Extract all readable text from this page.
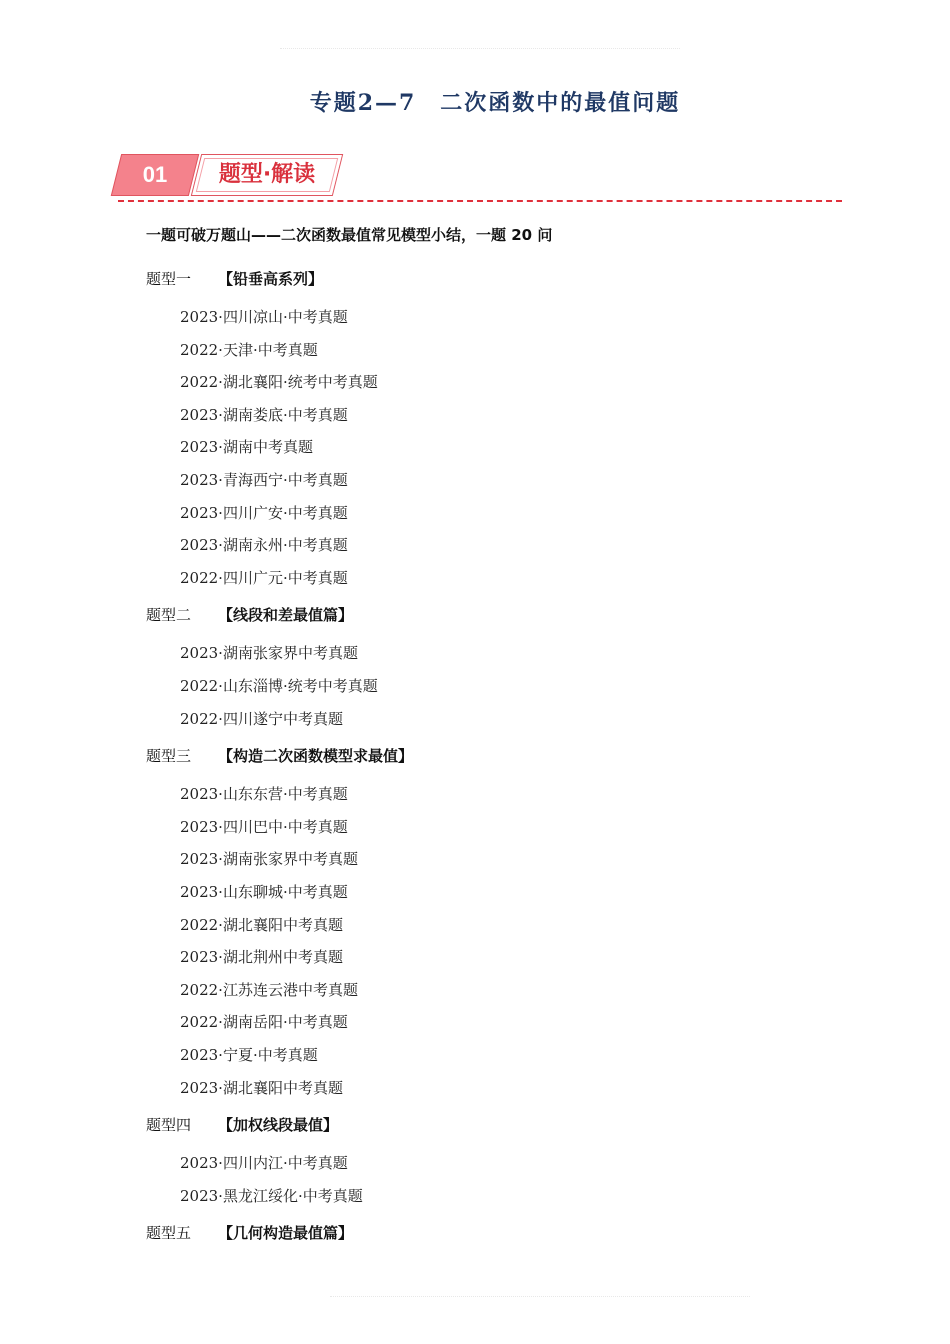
专题2—7　二次函数中的最值问题
01	题型·解读
一题可破万题山——二次函数最值常见模型小结，一题 20 问
题型一 【铅垂高系列】
2023·四川凉山·中考真题
2022·天津·中考真题
2022·湖北襄阳·统考中考真题
2023·湖南娄底·中考真题
2023·湖南中考真题
2023·青海西宁·中考真题
2023·四川广安·中考真题
2023·湖南永州·中考真题
2022·四川广元·中考真题
题型二 【线段和差最值篇】
2023·湖南张家界中考真题
2022·山东淄博·统考中考真题
2022·四川遂宁中考真题
题型三 【构造二次函数模型求最值】
2023·山东东营·中考真题
2023·四川巴中·中考真题
2023·湖南张家界中考真题
2023·山东聊城·中考真题
2022·湖北襄阳中考真题
2023·湖北荆州中考真题
2022·江苏连云港中考真题
2022·湖南岳阳·中考真题
2023·宁夏·中考真题
2023·湖北襄阳中考真题
题型四 【加权线段最值】
2023·四川内江·中考真题
2023·黑龙江绥化·中考真题
题型五 【几何构造最值篇】
